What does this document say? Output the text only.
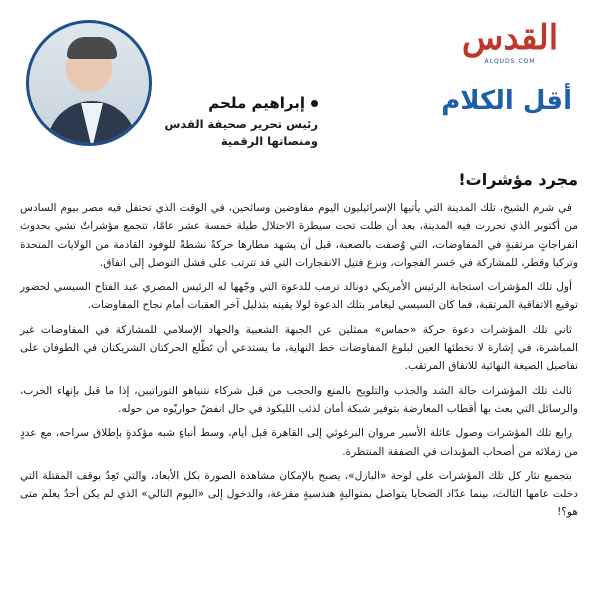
إبراهيم ملحم
رئيس تحرير صحيفة القدس
ومنصاتها الرقمية
القدس
ALQUDS.COM
أقل الكلام
مجرد مؤشرات!

في شرم الشيخ، تلك المدينة التي يأتيها الإسرائيليون اليوم مفاوضين وسائحين، في الوقت الذي تحتفل فيه مصر بيوم السادس من أكتوبر الذي تحررت فيه المدينة، بعد أن ظلت تحت سيطرة الاحتلال طيلة خمسة عشر عامًا، تتجمع مؤشراتٌ تشي بحدوث انفراجاتٍ مرتقبةٍ في المفاوضات، التي وُصفت بالصعبة، قبل أن يشهد مطارها حركةً نشطةً للوفود القادمة من الولايات المتحدة وتركيا وقطر، للمشاركة في جَسر الفجوات، ونزع فتيل الانفجارات التي قد تترتب على فشل التوصل إلى اتفاق.

أول تلك المؤشرات استجابة الرئيس الأمريكي دونالد ترمب للدعوة التي وجّهها له الرئيس المصري عبد الفتاح السيسي لحضور توقيع الاتفاقية المرتقبة، فما كان السيسي ليغامر بتلك الدعوة لولا يقينه بتذليل آخر العقبات أمام نجاح المفاوضات.

ثاني تلك المؤشرات دعوة حركة «حماس» ممثلين عن الجبهة الشعبية والجهاد الإسلامي للمشاركة في المفاوضات غير المباشرة، في إشارة لا تخطئها العين لبلوغ المفاوضات خط النهاية، ما يستدعي أن تَطّلع الحركتان الشريكتان في الطوفان على تفاصيل الصيغة النهائية للاتفاق المرتقب.

ثالث تلك المؤشرات حالة الشد والجذب والتلويح بالمنع والحجب من قبل شركاء نتنياهو التوراتيين، إذا ما قبل بإنهاء الحرب، والرسائل التي بعث بها أقطاب المعارضة بتوفير شبكة أمان لذئب الليكود في حال انفضّ حواريّوه من حوله.

رابع تلك المؤشرات وصول عائلة الأسير مروان البرغوثي إلى القاهرة قبل أيام، وسط أنباءٍ شبه مؤكدةٍ بإطلاق سراحه، مع عددٍ من زملائه من أصحاب المؤبدات في الصفقة المنتظرة.

بتجميع نثار كل تلك المؤشرات على لوحة «البازل»، يصبح بالإمكان مشاهدة الصورة بكل الأبعاد، والتي تَعِدُ بوقف المقتلة التي دخلت عامها الثالث، بينما عدّاد الضحايا يتواصل بمتواليةٍ هندسيةٍ مفزعة، والدخول إلى «اليوم التالي» الذي لم يكن أحدٌ يعلم متى هو؟!
